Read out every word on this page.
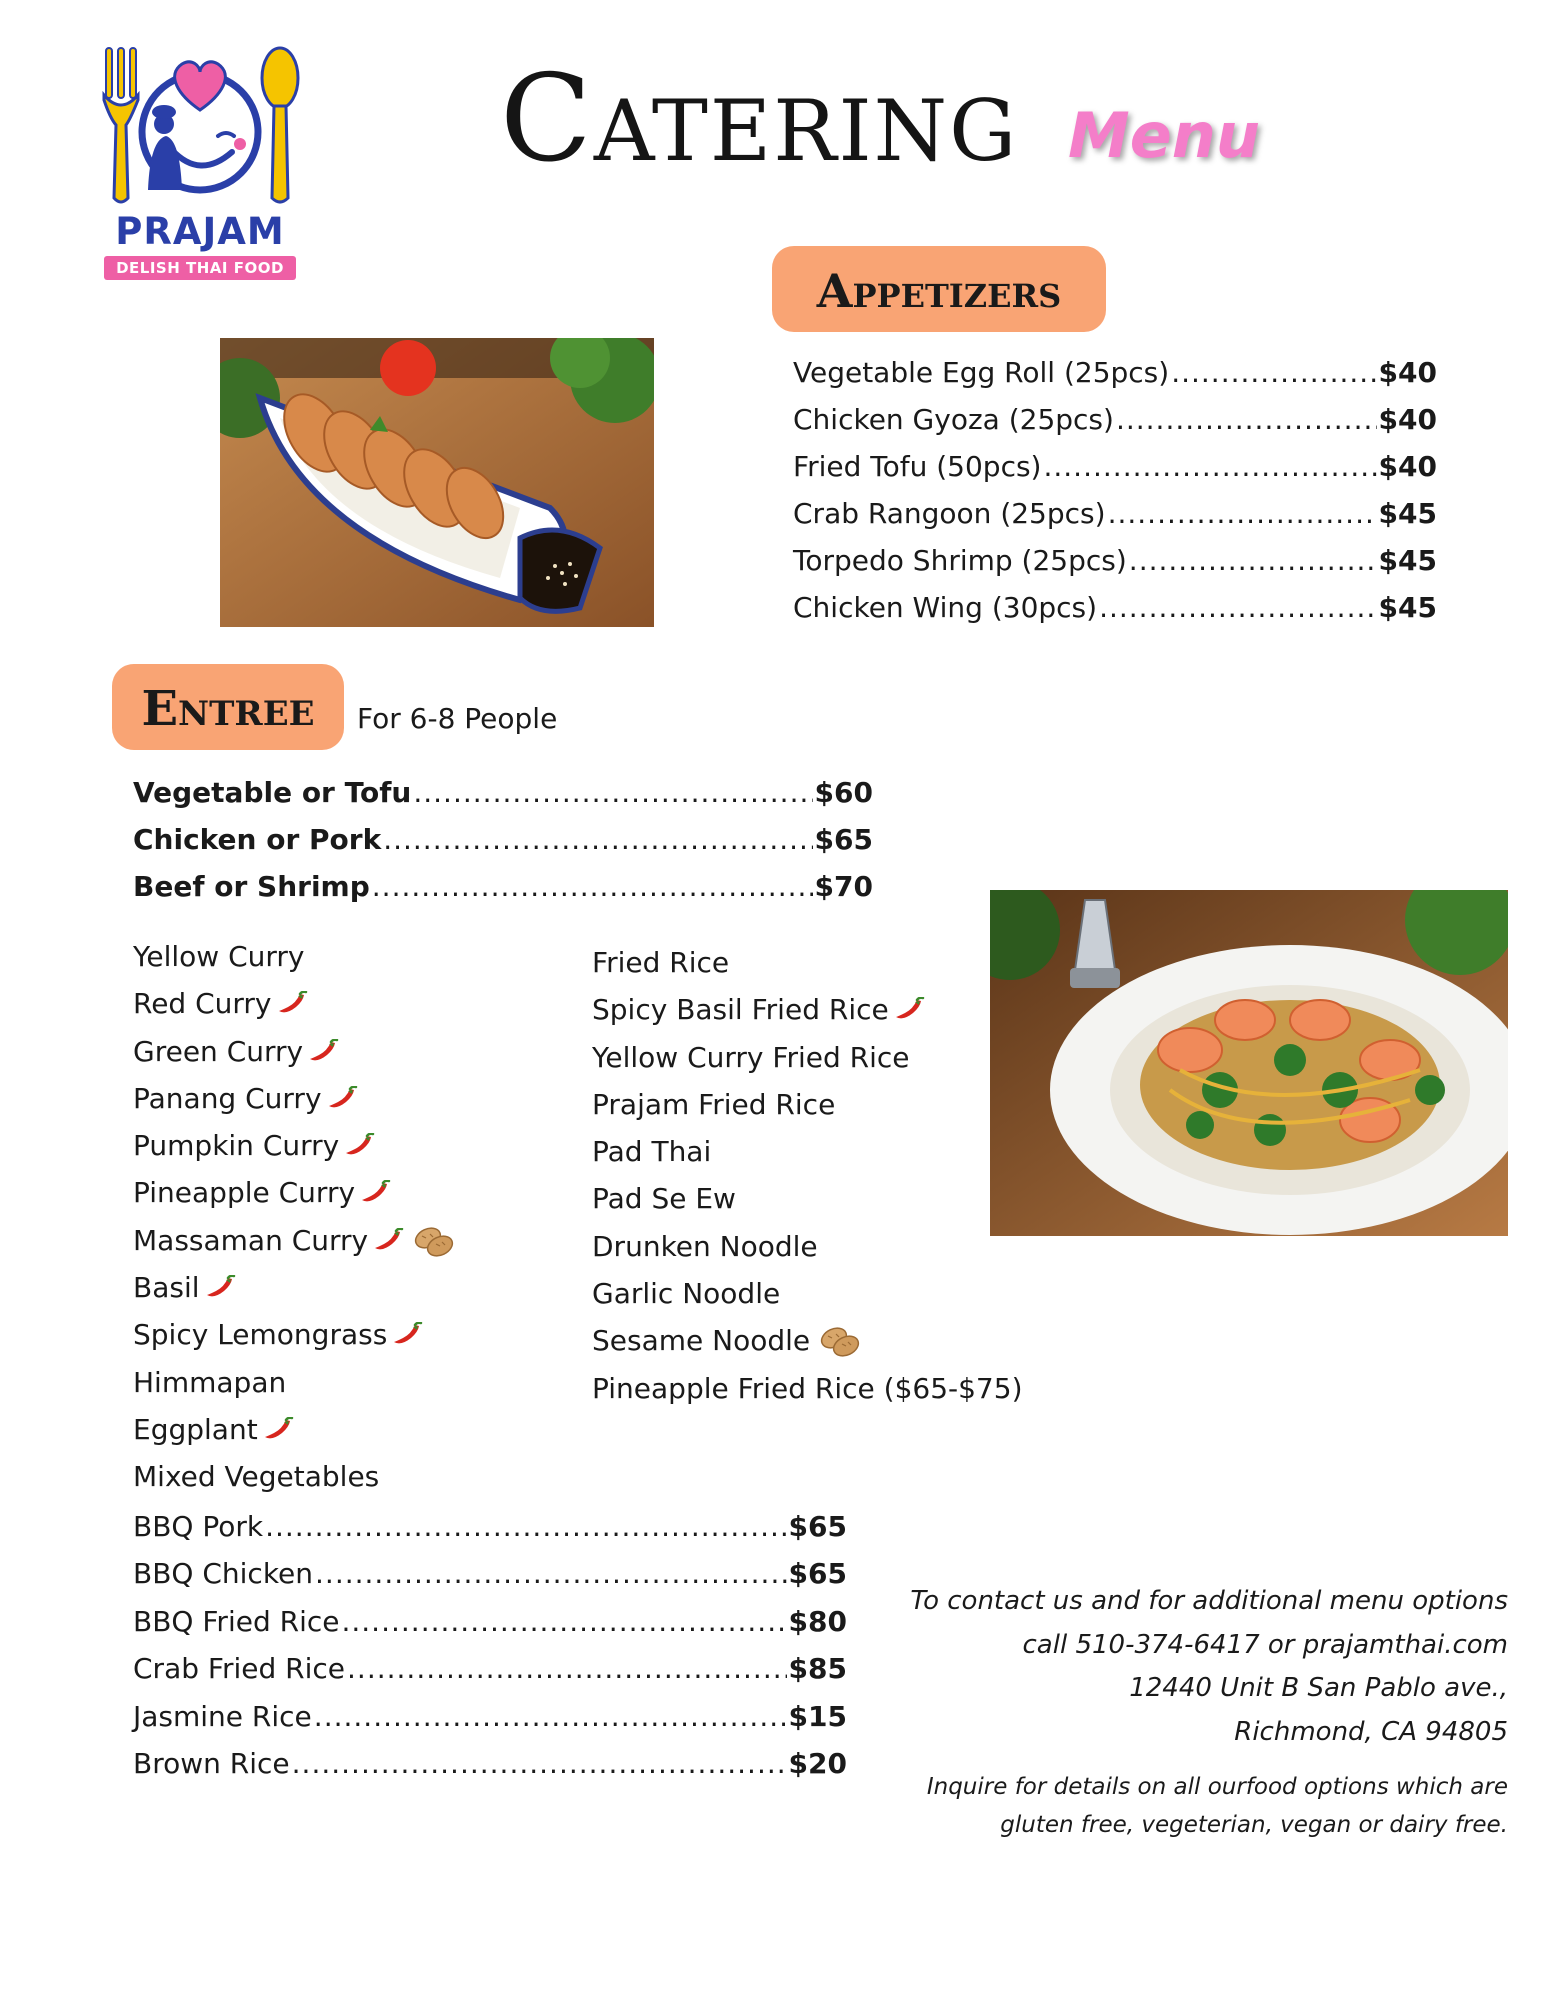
PRAJAM
DELISH THAI FOOD
Catering Menu
Appetizers
Vegetable Egg Roll (25pcs) .....	$40
Chicken Gyoza (25pcs) .....	$40
Fried Tofu (50pcs) .....	$40
Crab Rangoon (25pcs) .....	$45
Torpedo Shrimp (25pcs) .....	$45
Chicken Wing (30pcs) .....	$45
Entree	For 6-8 People
Vegetable or Tofu .....	$60
Chicken or Pork .....	$65
Beef or Shrimp .....	$70
Yellow Curry
Red Curry
Green Curry
Panang Curry
Pumpkin Curry
Pineapple Curry
Massaman Curry
Basil
Spicy Lemongrass
Himmapan
Eggplant
Mixed Vegetables
Fried Rice
Spicy Basil Fried Rice
Yellow Curry Fried Rice
Prajam Fried Rice
Pad Thai
Pad Se Ew
Drunken Noodle
Garlic Noodle
Sesame Noodle
Pineapple Fried Rice ($65-$75)
BBQ Pork .....	$65
BBQ Chicken .....	$65
BBQ Fried Rice .....	$80
Crab Fried Rice .....	$85
Jasmine Rice .....	$15
Brown Rice .....	$20
To contact us and for additional menu options
call 510-374-6417 or prajamthai.com
12440 Unit B San Pablo ave.,
Richmond, CA 94805
Inquire for details on all ourfood options which are
gluten free, vegeterian, vegan or dairy free.
